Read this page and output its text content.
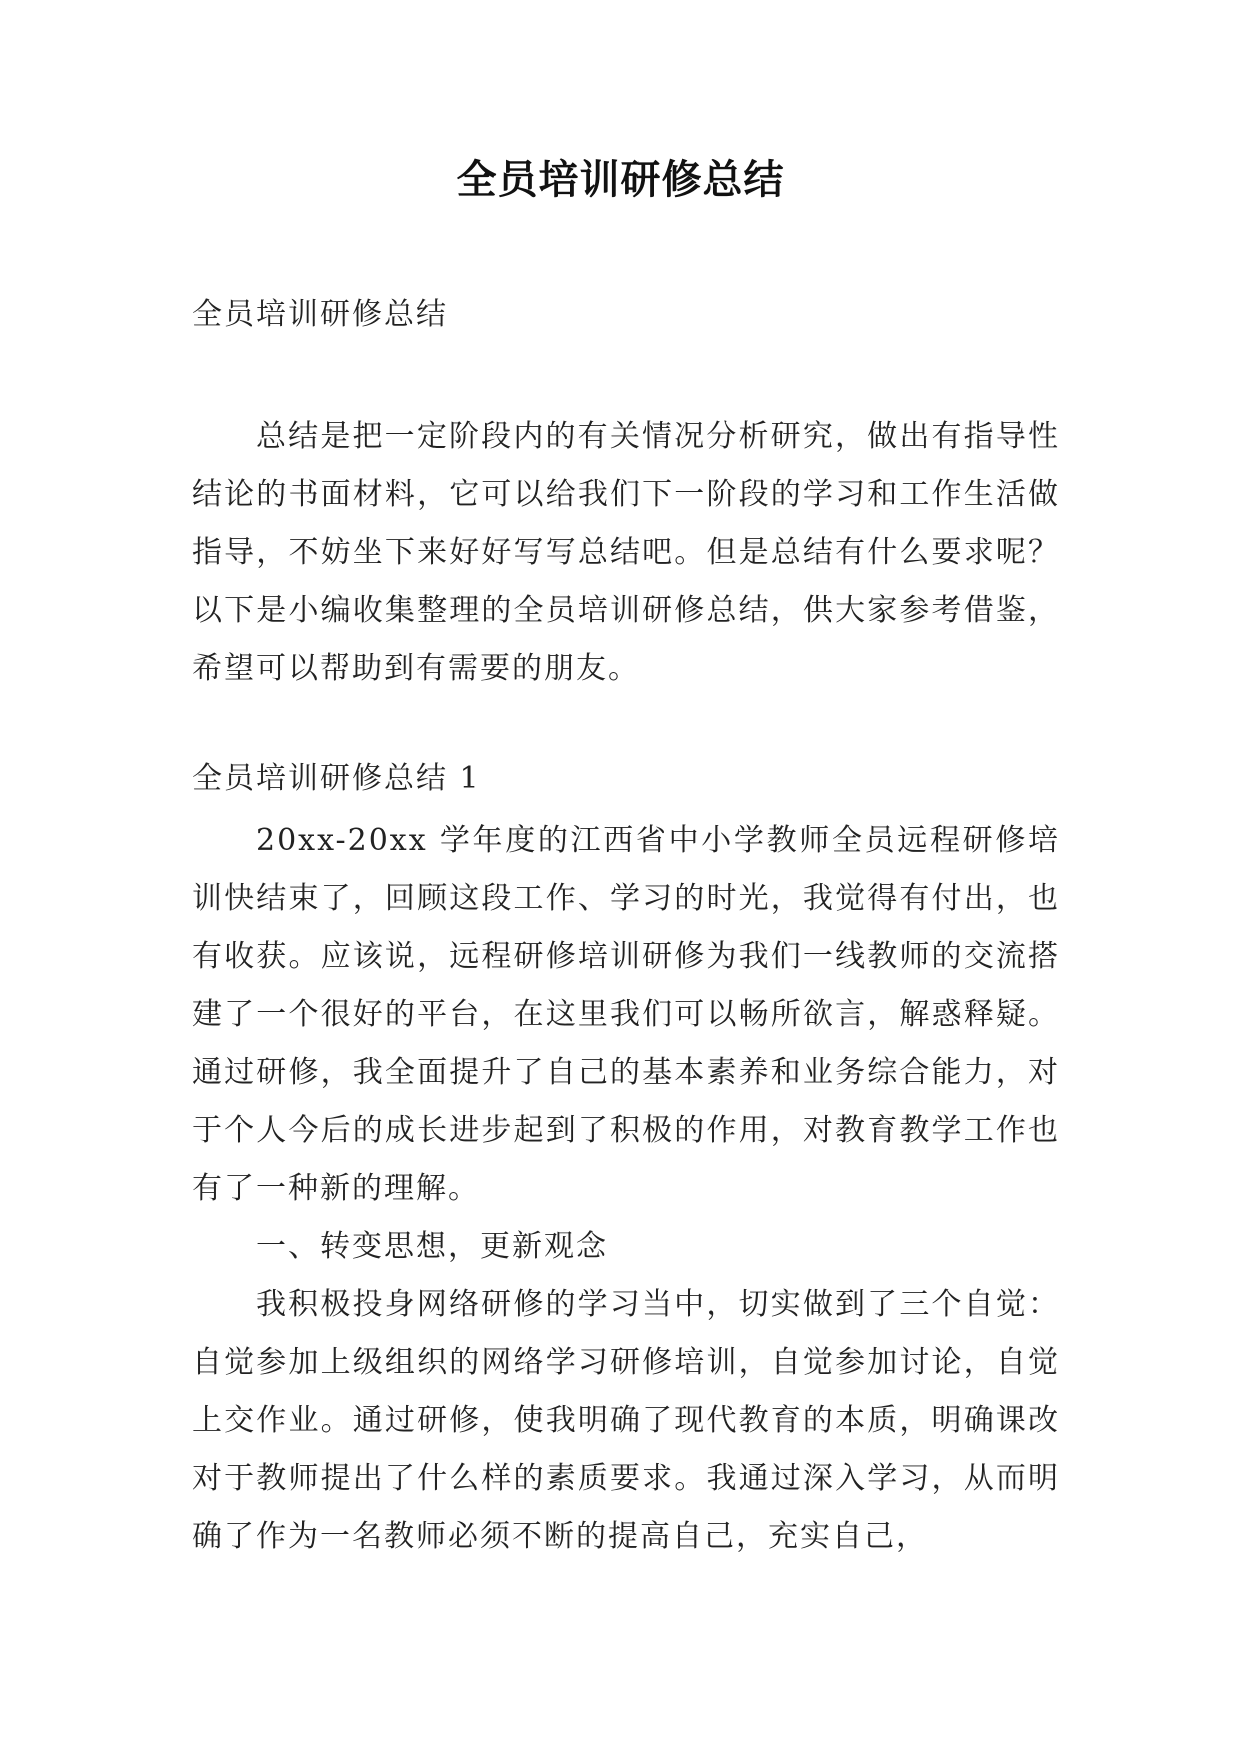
全员培训研修总结
全员培训研修总结
总结是把一定阶段内的有关情况分析研究，做出有指导性结论的书面材料，它可以给我们下一阶段的学习和工作生活做指导，不妨坐下来好好写写总结吧。但是总结有什么要求呢？以下是小编收集整理的全员培训研修总结，供大家参考借鉴，希望可以帮助到有需要的朋友。
全员培训研修总结 1

20xx-20xx 学年度的江西省中小学教师全员远程研修培训快结束了，回顾这段工作、学习的时光，我觉得有付出，也有收获。应该说，远程研修培训研修为我们一线教师的交流搭建了一个很好的平台，在这里我们可以畅所欲言，解惑释疑。通过研修，我全面提升了自己的基本素养和业务综合能力，对于个人今后的成长进步起到了积极的作用，对教育教学工作也有了一种新的理解。

一、转变思想，更新观念

我积极投身网络研修的学习当中，切实做到了三个自觉：自觉参加上级组织的网络学习研修培训，自觉参加讨论，自觉上交作业。通过研修，使我明确了现代教育的本质，明确课改对于教师提出了什么样的素质要求。我通过深入学习，从而明确了作为一名教师必须不断的提高自己，充实自己，
